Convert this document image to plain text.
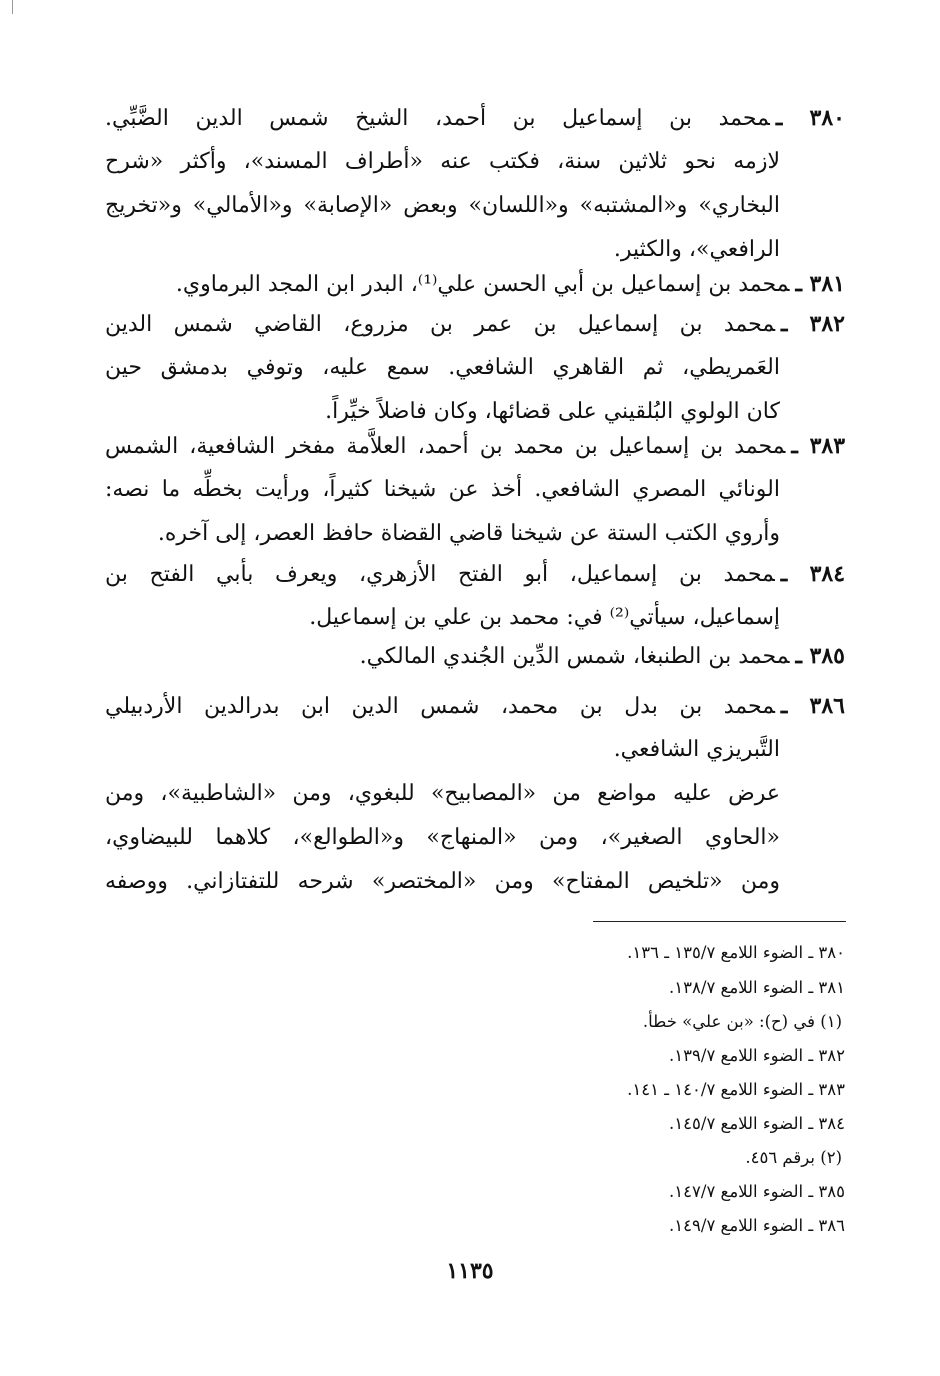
٣٨٠ ـمحمد بن إسماعيل بن أحمد، الشيخ شمس الدين الضَّبِّي.
لازمه نحو ثلاثين سنة، فكتب عنه «أطراف المسند»، وأكثر «شرح
البخاري» و«المشتبه» و«اللسان» وبعض «الإصابة» و«الأمالي» و«تخريج
الرافعي»، والكثير.
٣٨١ ـمحمد بن إسماعيل بن أبي الحسن علي⁽¹⁾، البدر ابن المجد البرماوي.
٣٨٢ ـمحمد بن إسماعيل بن عمر بن مزروع، القاضي شمس الدين
العَمريطي، ثم القاهري الشافعي. سمع عليه، وتوفي بدمشق حين
كان الولوي البُلقيني على قضائها، وكان فاضلاً خيِّراً.
٣٨٣ ـمحمد بن إسماعيل بن محمد بن أحمد، العلاَّمة مفخر الشافعية، الشمس
الونائي المصري الشافعي. أخذ عن شيخنا كثيراً، ورأيت بخطِّه ما نصه:
وأروي الكتب الستة عن شيخنا قاضي القضاة حافظ العصر، إلى آخره.
٣٨٤ ـمحمد بن إسماعيل، أبو الفتح الأزهري، ويعرف بأبي الفتح بن
إسماعيل، سيأتي⁽²⁾ في: محمد بن علي بن إسماعيل.
٣٨٥ ـمحمد بن الطنبغا، شمس الدِّين الجُندي المالكي.
٣٨٦ ـمحمد بن بدل بن محمد، شمس الدين ابن بدرالدين الأردبيلي
التَّبريزي الشافعي.
عرض عليه مواضع من «المصابيح» للبغوي، ومن «الشاطبية»، ومن
«الحاوي الصغير»، ومن «المنهاج» و«الطوالع»، كلاهما للبيضاوي،
ومن «تلخيص المفتاح» ومن «المختصر» شرحه للتفتازاني. ووصفه
٣٨٠ ـ الضوء اللامع ١٣٥/٧ ـ ١٣٦.
٣٨١ ـ الضوء اللامع ١٣٨/٧.
(١) في (ح): «بن علي» خطأ.
٣٨٢ ـ الضوء اللامع ١٣٩/٧.
٣٨٣ ـ الضوء اللامع ١٤٠/٧ ـ ١٤١.
٣٨٤ ـ الضوء اللامع ١٤٥/٧.
(٢) برقم ٤٥٦.
٣٨٥ ـ الضوء اللامع ١٤٧/٧.
٣٨٦ ـ الضوء اللامع ١٤٩/٧.
١١٣٥
